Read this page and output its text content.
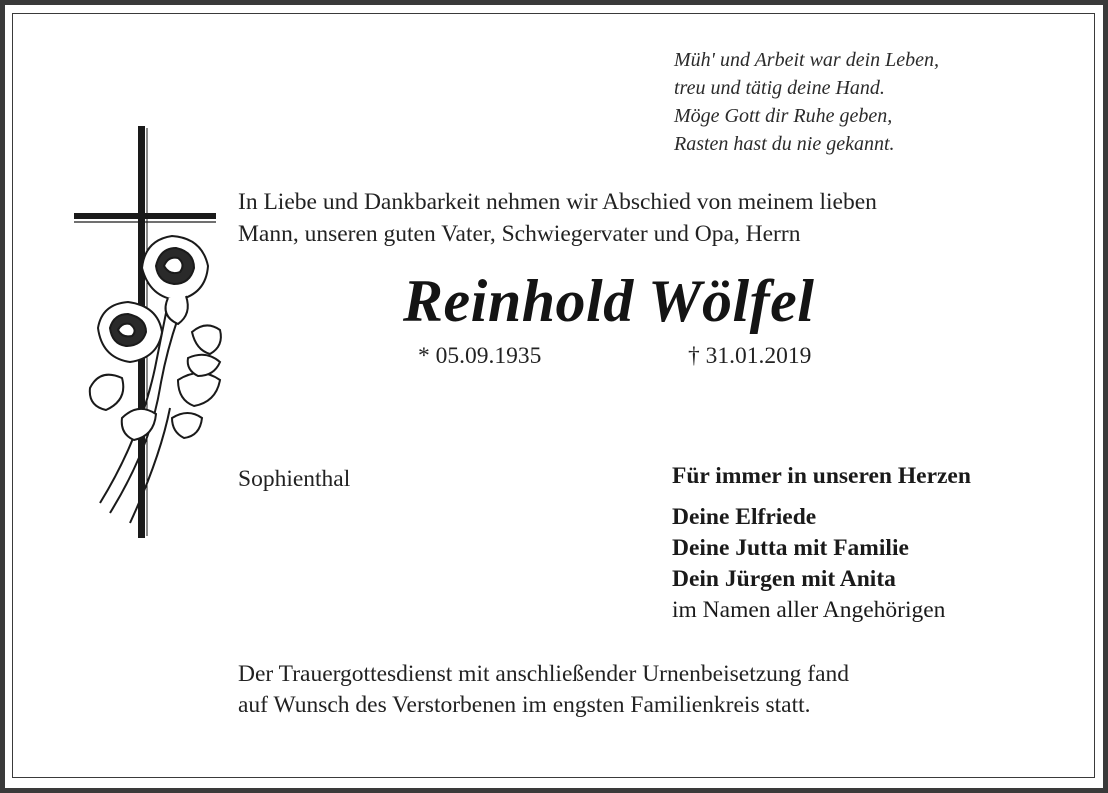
Müh' und Arbeit war dein Leben,
treu und tätig deine Hand.
Möge Gott dir Ruhe geben,
Rasten hast du nie gekannt.
In Liebe und Dankbarkeit nehmen wir Abschied von meinem lieben
Mann, unseren guten Vater, Schwiegervater und Opa, Herrn
Reinhold Wölfel
* 05.09.1935	† 31.01.2019
Sophienthal	Für immer in unseren Herzen
Deine Elfriede
Deine Jutta mit Familie
Dein Jürgen mit Anita
im Namen aller Angehörigen
Der Trauergottesdienst mit anschließender Urnenbeisetzung fand
auf Wunsch des Verstorbenen im engsten Familienkreis statt.
